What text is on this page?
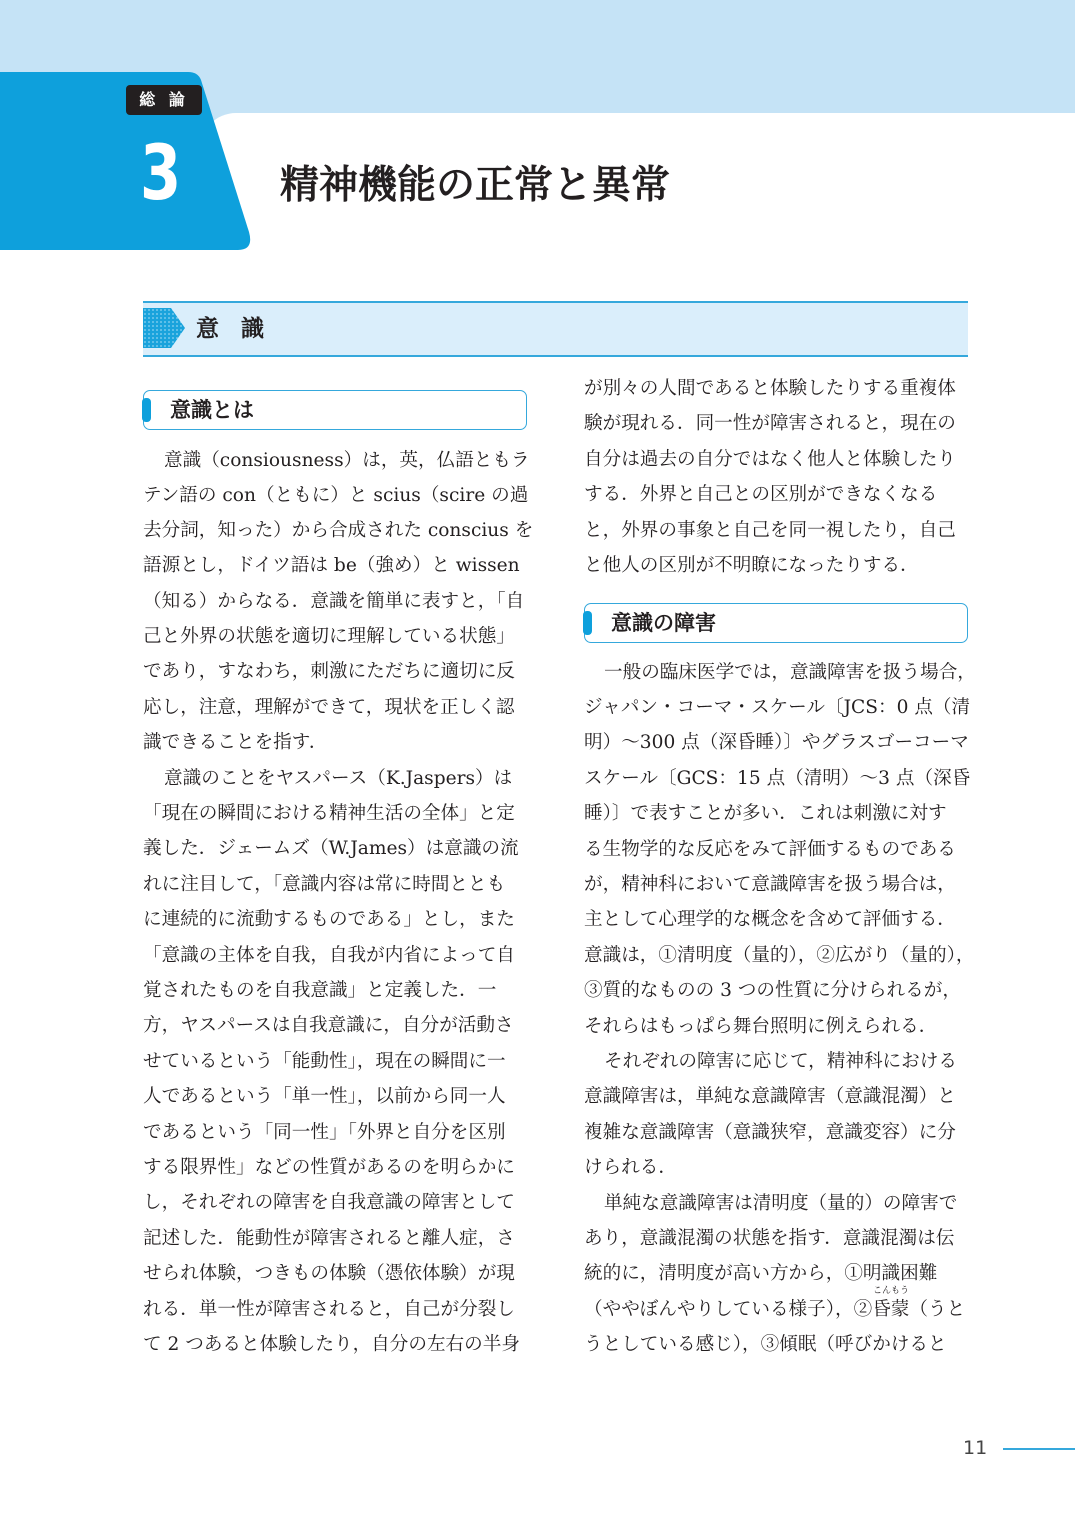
総 論
3	精神機能の正常と異常
意識
意識とは
意識の障害
意識（consiousness）は，英，仏語ともラ
テン語の con（ともに）と scius（scire の過
去分詞，知った）から合成された conscius を
語源とし，ドイツ語は be（強め）と wissen
（知る）からなる．意識を簡単に表すと，「自
己と外界の状態を適切に理解している状態」
であり，すなわち，刺激にただちに適切に反
応し，注意，理解ができて，現状を正しく認
識できることを指す．
意識のことをヤスパース（K.Jaspers）は
「現在の瞬間における精神生活の全体」と定
義した．ジェームズ（W.James）は意識の流
れに注目して，「意識内容は常に時間ととも
に連続的に流動するものである」とし，また
「意識の主体を自我，自我が内省によって自
覚されたものを自我意識」と定義した．一
方，ヤスパースは自我意識に，自分が活動さ
せているという「能動性」，現在の瞬間に一
人であるという「単一性」，以前から同一人
であるという「同一性」「外界と自分を区別
する限界性」などの性質があるのを明らかに
し，それぞれの障害を自我意識の障害として
記述した．能動性が障害されると離人症，さ
せられ体験，つきもの体験（憑依体験）が現
れる．単一性が障害されると，自己が分裂し
て 2 つあると体験したり，自分の左右の半身
が別々の人間であると体験したりする重複体
験が現れる．同一性が障害されると，現在の
自分は過去の自分ではなく他人と体験したり
する．外界と自己との区別ができなくなる
と，外界の事象と自己を同一視したり，自己
と他人の区別が不明瞭になったりする．
一般の臨床医学では，意識障害を扱う場合，
ジャパン・コーマ・スケール〔JCS：0 点（清
明）〜300 点（深昏睡）〕やグラスゴーコーマ
スケール〔GCS：15 点（清明）〜3 点（深昏
睡）〕で表すことが多い．これは刺激に対す
る生物学的な反応をみて評価するものである
が，精神科において意識障害を扱う場合は，
主として心理学的な概念を含めて評価する．
意識は，①清明度（量的），②広がり（量的），
③質的なものの 3 つの性質に分けられるが，
それらはもっぱら舞台照明に例えられる．
それぞれの障害に応じて，精神科における
意識障害は，単純な意識障害（意識混濁）と
複雑な意識障害（意識狭窄，意識変容）に分
けられる．
単純な意識障害は清明度（量的）の障害で
あり，意識混濁の状態を指す．意識混濁は伝
統的に，清明度が高い方から，①明識困難
（ややぼんやりしている様子），②昏蒙（うと
うとしている感じ），③傾眠（呼びかけると
こんもう
11
